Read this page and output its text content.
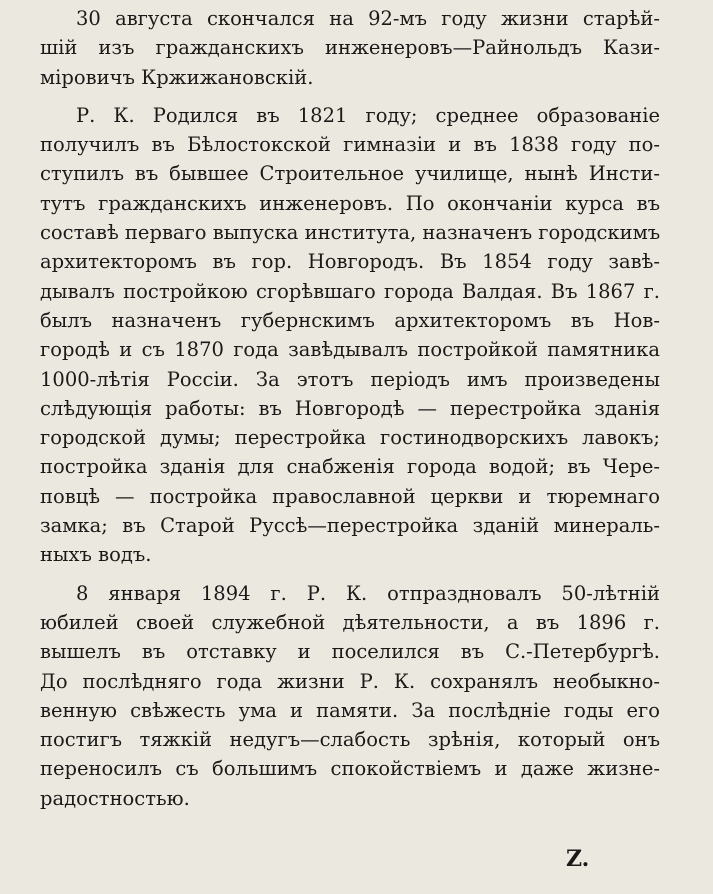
30 августа скончался на 92-мъ году жизни старѣй-
шій изъ гражданскихъ инженеровъ—Райнольдъ Кази-
міровичъ Кржижановскій.
Р. К. Родился въ 1821 году; среднее образованіе
получилъ въ Бѣлостокской гимназіи и въ 1838 году по-
ступилъ въ бывшее Строительное училище, нынѣ Инсти-
тутъ гражданскихъ инженеровъ. По окончаніи курса въ
составѣ перваго выпуска института, назначенъ городскимъ
архитекторомъ въ гор. Новгородъ. Въ 1854 году завѣ-
дывалъ постройкою сгорѣвшаго города Валдая. Въ 1867 г.
былъ назначенъ губернскимъ архитекторомъ въ Нов-
городѣ и съ 1870 года завѣдывалъ постройкой памятника
1000-лѣтія Россіи. За этотъ періодъ имъ произведены
слѣдующія работы: въ Новгородѣ — перестройка зданія
городской думы; перестройка гостинодворскихъ лавокъ;
постройка зданія для снабженія города водой; въ Чере-
повцѣ — постройка православной церкви и тюремнаго
замка; въ Старой Руссѣ—перестройка зданій минераль-
ныхъ водъ.
8 января 1894 г. Р. К. отпраздновалъ 50-лѣтній
юбилей своей служебной дѣятельности, а въ 1896 г.
вышелъ въ отставку и поселился въ С.-Петербургѣ.
До послѣдняго года жизни Р. К. сохранялъ необыкно-
венную свѣжесть ума и памяти. За послѣдніе годы его
постигъ тяжкій недугъ—слабость зрѣнія, который онъ
переносилъ съ большимъ спокойствіемъ и даже жизне-
радостностью.
Z.
